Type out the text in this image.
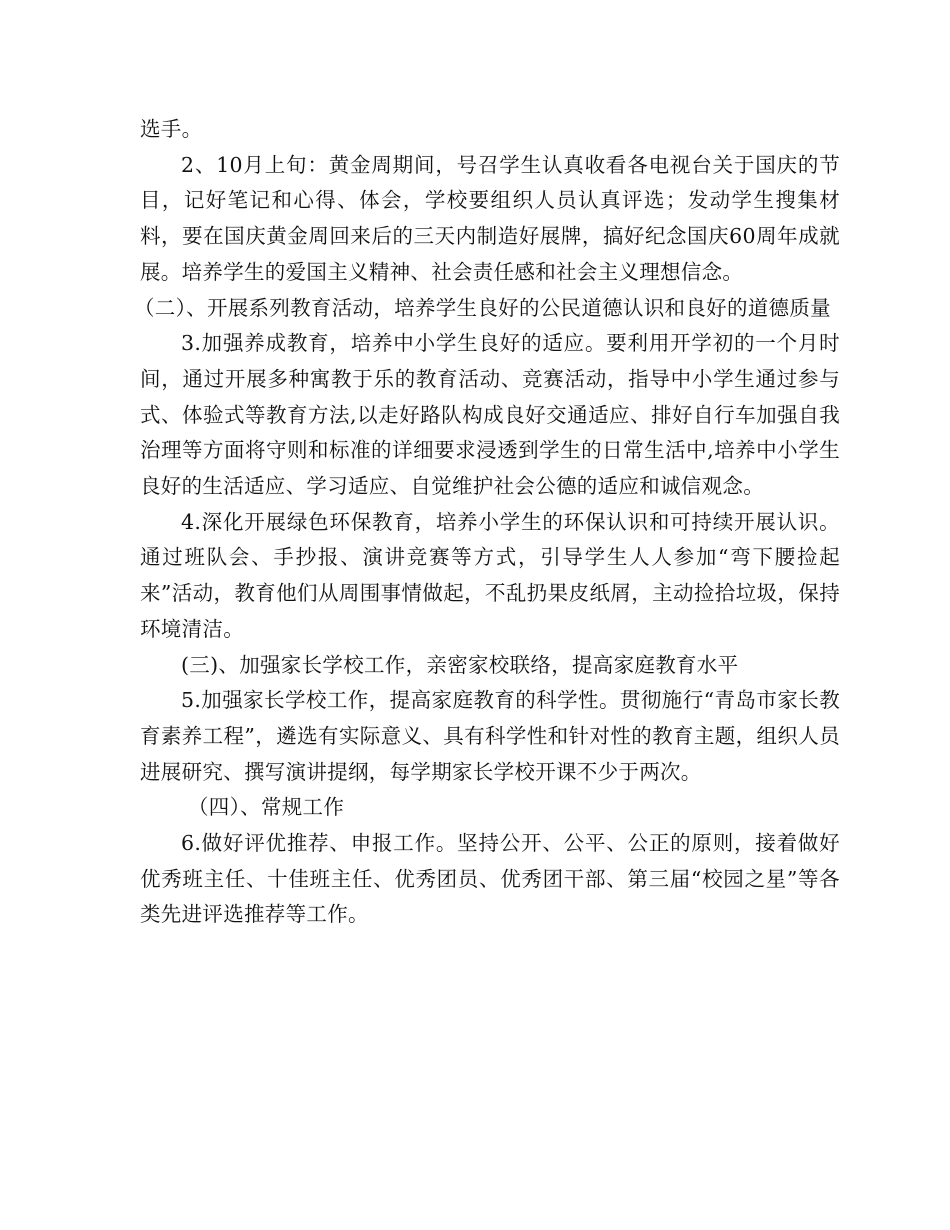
选手。

2、10月上旬：黄金周期间，号召学生认真收看各电视台关于国庆的节目，记好笔记和心得、体会，学校要组织人员认真评选；发动学生搜集材料，要在国庆黄金周回来后的三天内制造好展牌，搞好纪念国庆60周年成就展。培养学生的爱国主义精神、社会责任感和社会主义理想信念。

（二）、开展系列教育活动，培养学生良好的公民道德认识和良好的道德质量

3.加强养成教育，培养中小学生良好的适应。要利用开学初的一个月时间，通过开展多种寓教于乐的教育活动、竞赛活动，指导中小学生通过参与式、体验式等教育方法,以走好路队构成良好交通适应、排好自行车加强自我治理等方面将守则和标准的详细要求浸透到学生的日常生活中,培养中小学生良好的生活适应、学习适应、自觉维护社会公德的适应和诚信观念。

4.深化开展绿色环保教育，培养小学生的环保认识和可持续开展认识。通过班队会、手抄报、演讲竞赛等方式，引导学生人人参加“弯下腰捡起来”活动，教育他们从周围事情做起，不乱扔果皮纸屑，主动捡拾垃圾，保持环境清洁。

(三)、加强家长学校工作，亲密家校联络，提高家庭教育水平

5.加强家长学校工作，提高家庭教育的科学性。贯彻施行“青岛市家长教育素养工程”，遴选有实际意义、具有科学性和针对性的教育主题，组织人员进展研究、撰写演讲提纲，每学期家长学校开课不少于两次。

（四）、常规工作

6.做好评优推荐、申报工作。坚持公开、公平、公正的原则，接着做好优秀班主任、十佳班主任、优秀团员、优秀团干部、第三届“校园之星”等各类先进评选推荐等工作。
